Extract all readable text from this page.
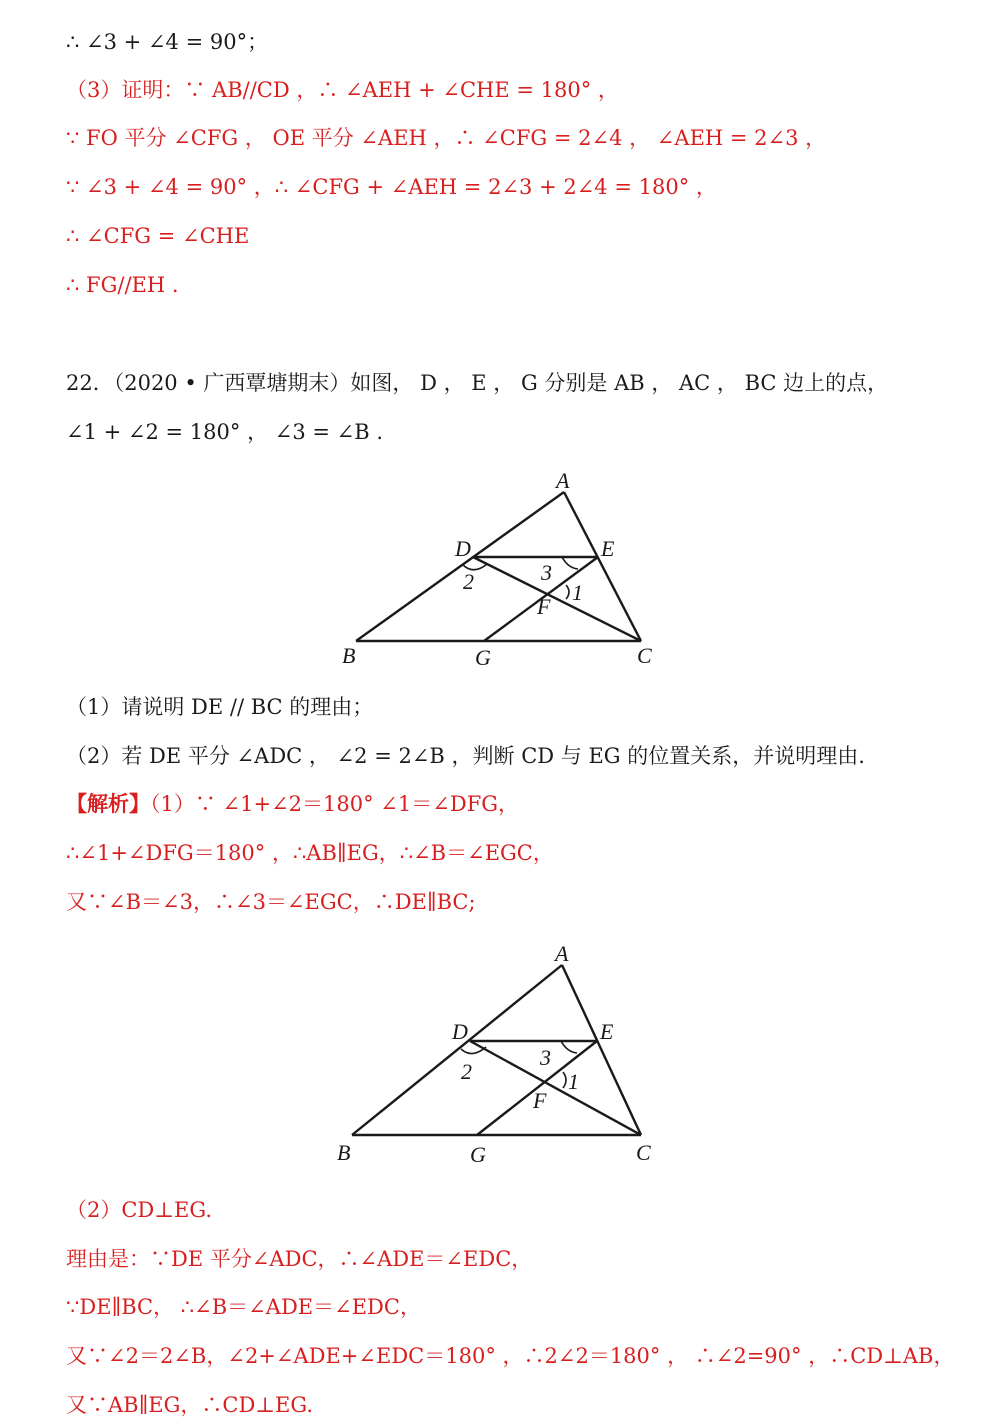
∴ ∠3 + ∠4 = 90°；
（3）证明：∵ AB//CD ，∴ ∠AEH + ∠CHE = 180° ，
∵ FO 平分 ∠CFG ， OE 平分 ∠AEH ，∴ ∠CFG = 2∠4 ， ∠AEH = 2∠3 ，
∵ ∠3 + ∠4 = 90° ，∴ ∠CFG + ∠AEH = 2∠3 + 2∠4 = 180° ，
∴ ∠CFG = ∠CHE
∴ FG//EH .
22．（2020 • 广西覃塘期末）如图， D ， E ， G 分别是 AB ， AC ， BC 边上的点，
∠1 + ∠2 = 180° ， ∠3 = ∠B .
A
D	E
B	G	C
F
2	3
1
（1）请说明 DE // BC 的理由；
（2）若 DE 平分 ∠ADC ， ∠2 = 2∠B ，判断 CD 与 EG 的位置关系，并说明理由.
【解析】（1）∵ ∠1+∠2＝180° ∠1＝∠DFG，
∴∠1+∠DFG＝180° ，∴AB∥EG，∴∠B＝∠EGC，
又∵∠B＝∠3，∴∠3＝∠EGC，∴DE∥BC;
A
D	E
B	G	C
F
2
3
1
（2）CD⊥EG.
理由是：∵DE 平分∠ADC，∴∠ADE＝∠EDC，
∵DE∥BC， ∴∠B＝∠ADE＝∠EDC，
又∵∠2＝2∠B，∠2+∠ADE+∠EDC＝180° ，∴2∠2＝180° ， ∴∠2=90° ，∴CD⊥AB，
又∵AB∥EG，∴CD⊥EG.
